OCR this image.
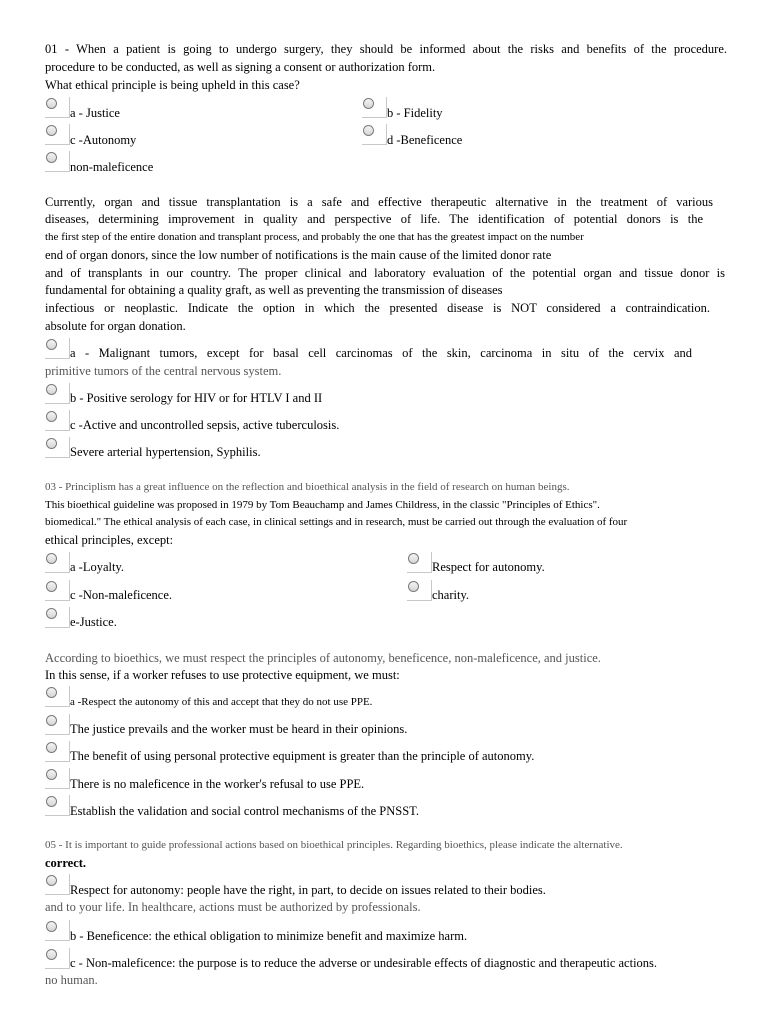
01 - When a patient is going to undergo surgery, they should be informed about the risks and benefits of the procedure.
procedure to be conducted, as well as signing a consent or authorization form.
What ethical principle is being upheld in this case?
a - Justice	b - Fidelity
c -Autonomy	d -Beneficence
non-maleficence
Currently, organ and tissue transplantation is a safe and effective therapeutic alternative in the treatment of various
diseases, determining improvement in quality and perspective of life. The identification of potential donors is the
the first step of the entire donation and transplant process, and probably the one that has the greatest impact on the number
end of organ donors, since the low number of notifications is the main cause of the limited donor rate
and of transplants in our country. The proper clinical and laboratory evaluation of the potential organ and tissue donor is
fundamental for obtaining a quality graft, as well as preventing the transmission of diseases
infectious or neoplastic. Indicate the option in which the presented disease is NOT considered a contraindication.
absolute for organ donation.
a - Malignant tumors, except for basal cell carcinomas of the skin, carcinoma in situ of the cervix and
primitive tumors of the central nervous system.
b - Positive serology for HIV or for HTLV I and II
c -Active and uncontrolled sepsis, active tuberculosis.
Severe arterial hypertension, Syphilis.
03 - Principlism has a great influence on the reflection and bioethical analysis in the field of research on human beings.
This bioethical guideline was proposed in 1979 by Tom Beauchamp and James Childress, in the classic "Principles of Ethics".
biomedical." The ethical analysis of each case, in clinical settings and in research, must be carried out through the evaluation of four
ethical principles, except:
a -Loyalty.	Respect for autonomy.
c -Non-maleficence.	charity.
e-Justice.
According to bioethics, we must respect the principles of autonomy, beneficence, non-maleficence, and justice.
In this sense, if a worker refuses to use protective equipment, we must:
a -Respect the autonomy of this and accept that they do not use PPE.
The justice prevails and the worker must be heard in their opinions.
The benefit of using personal protective equipment is greater than the principle of autonomy.
There is no maleficence in the worker's refusal to use PPE.
Establish the validation and social control mechanisms of the PNSST.
05 - It is important to guide professional actions based on bioethical principles. Regarding bioethics, please indicate the alternative.
correct.
Respect for autonomy: people have the right, in part, to decide on issues related to their bodies.
and to your life. In healthcare, actions must be authorized by professionals.
b - Beneficence: the ethical obligation to minimize benefit and maximize harm.
c - Non-maleficence: the purpose is to reduce the adverse or undesirable effects of diagnostic and therapeutic actions.
no human.
